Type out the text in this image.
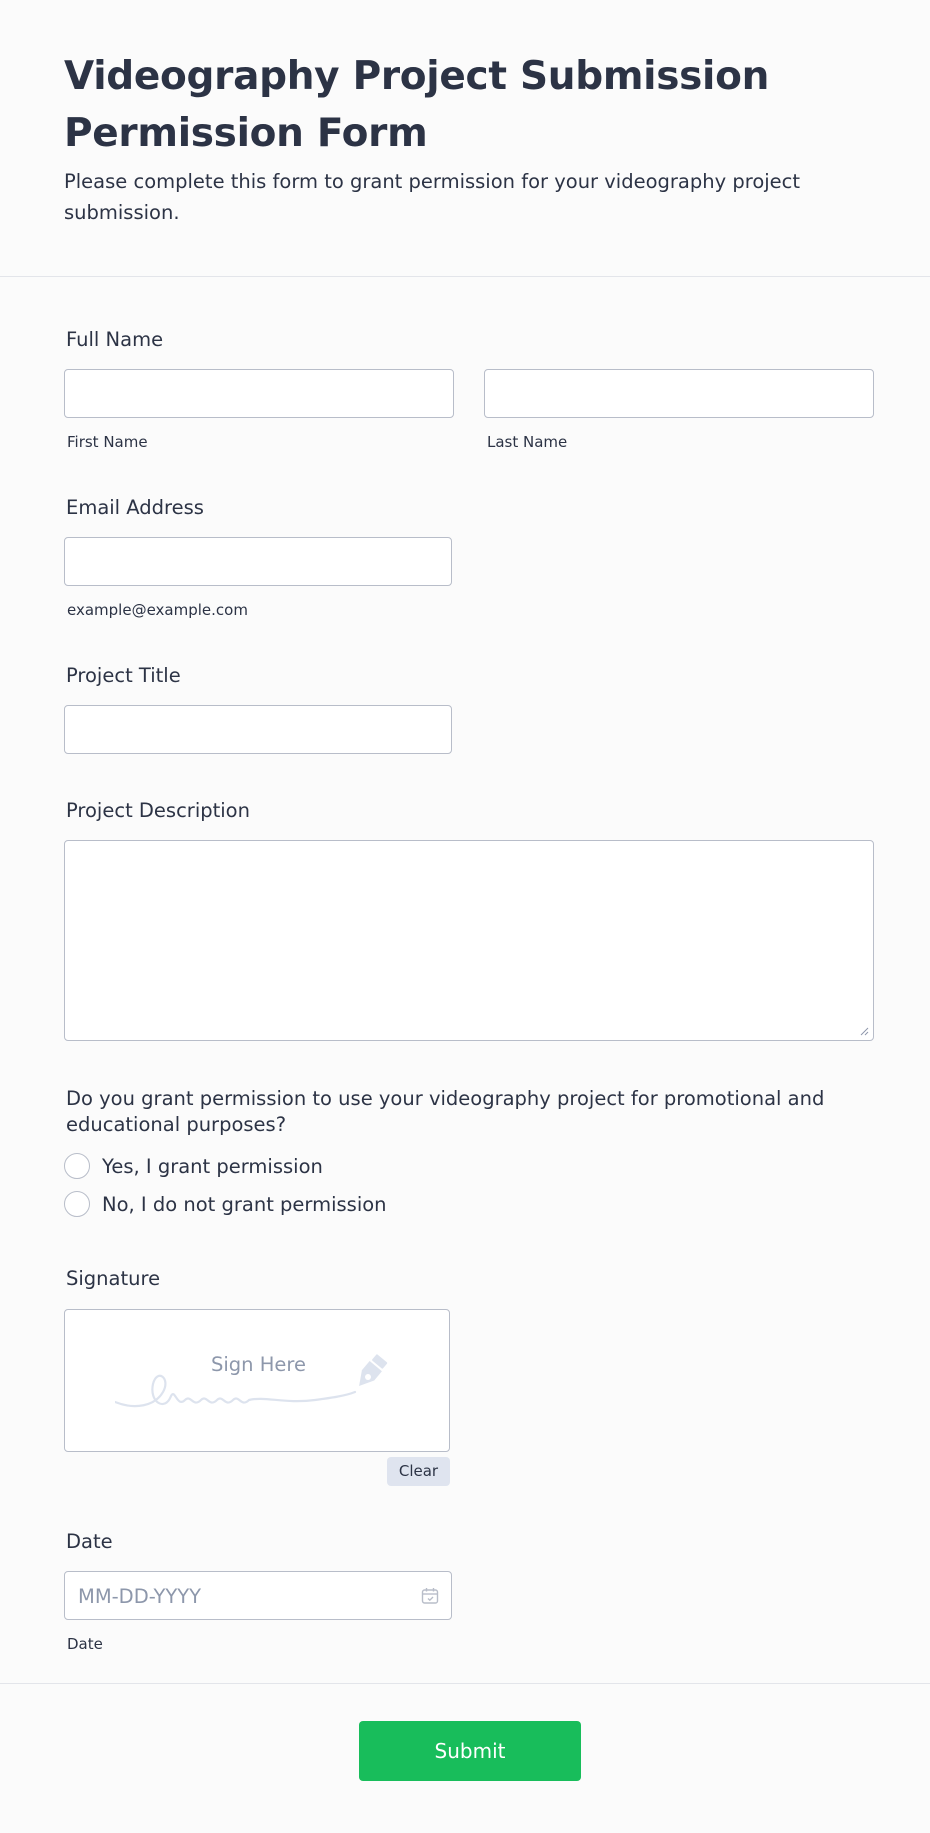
Videography Project Submission Permission Form

Please complete this form to grant permission for your videography project submission.

Full Name
First Name	Last Name
Email Address
example@example.com
Project Title
Project Description

Do you grant permission to use your videography project for promotional and educational purposes?

Yes, I grant permission
No, I do not grant permission
Signature
Sign Here
Clear
Date
MM-DD-YYYY
Date
Submit
